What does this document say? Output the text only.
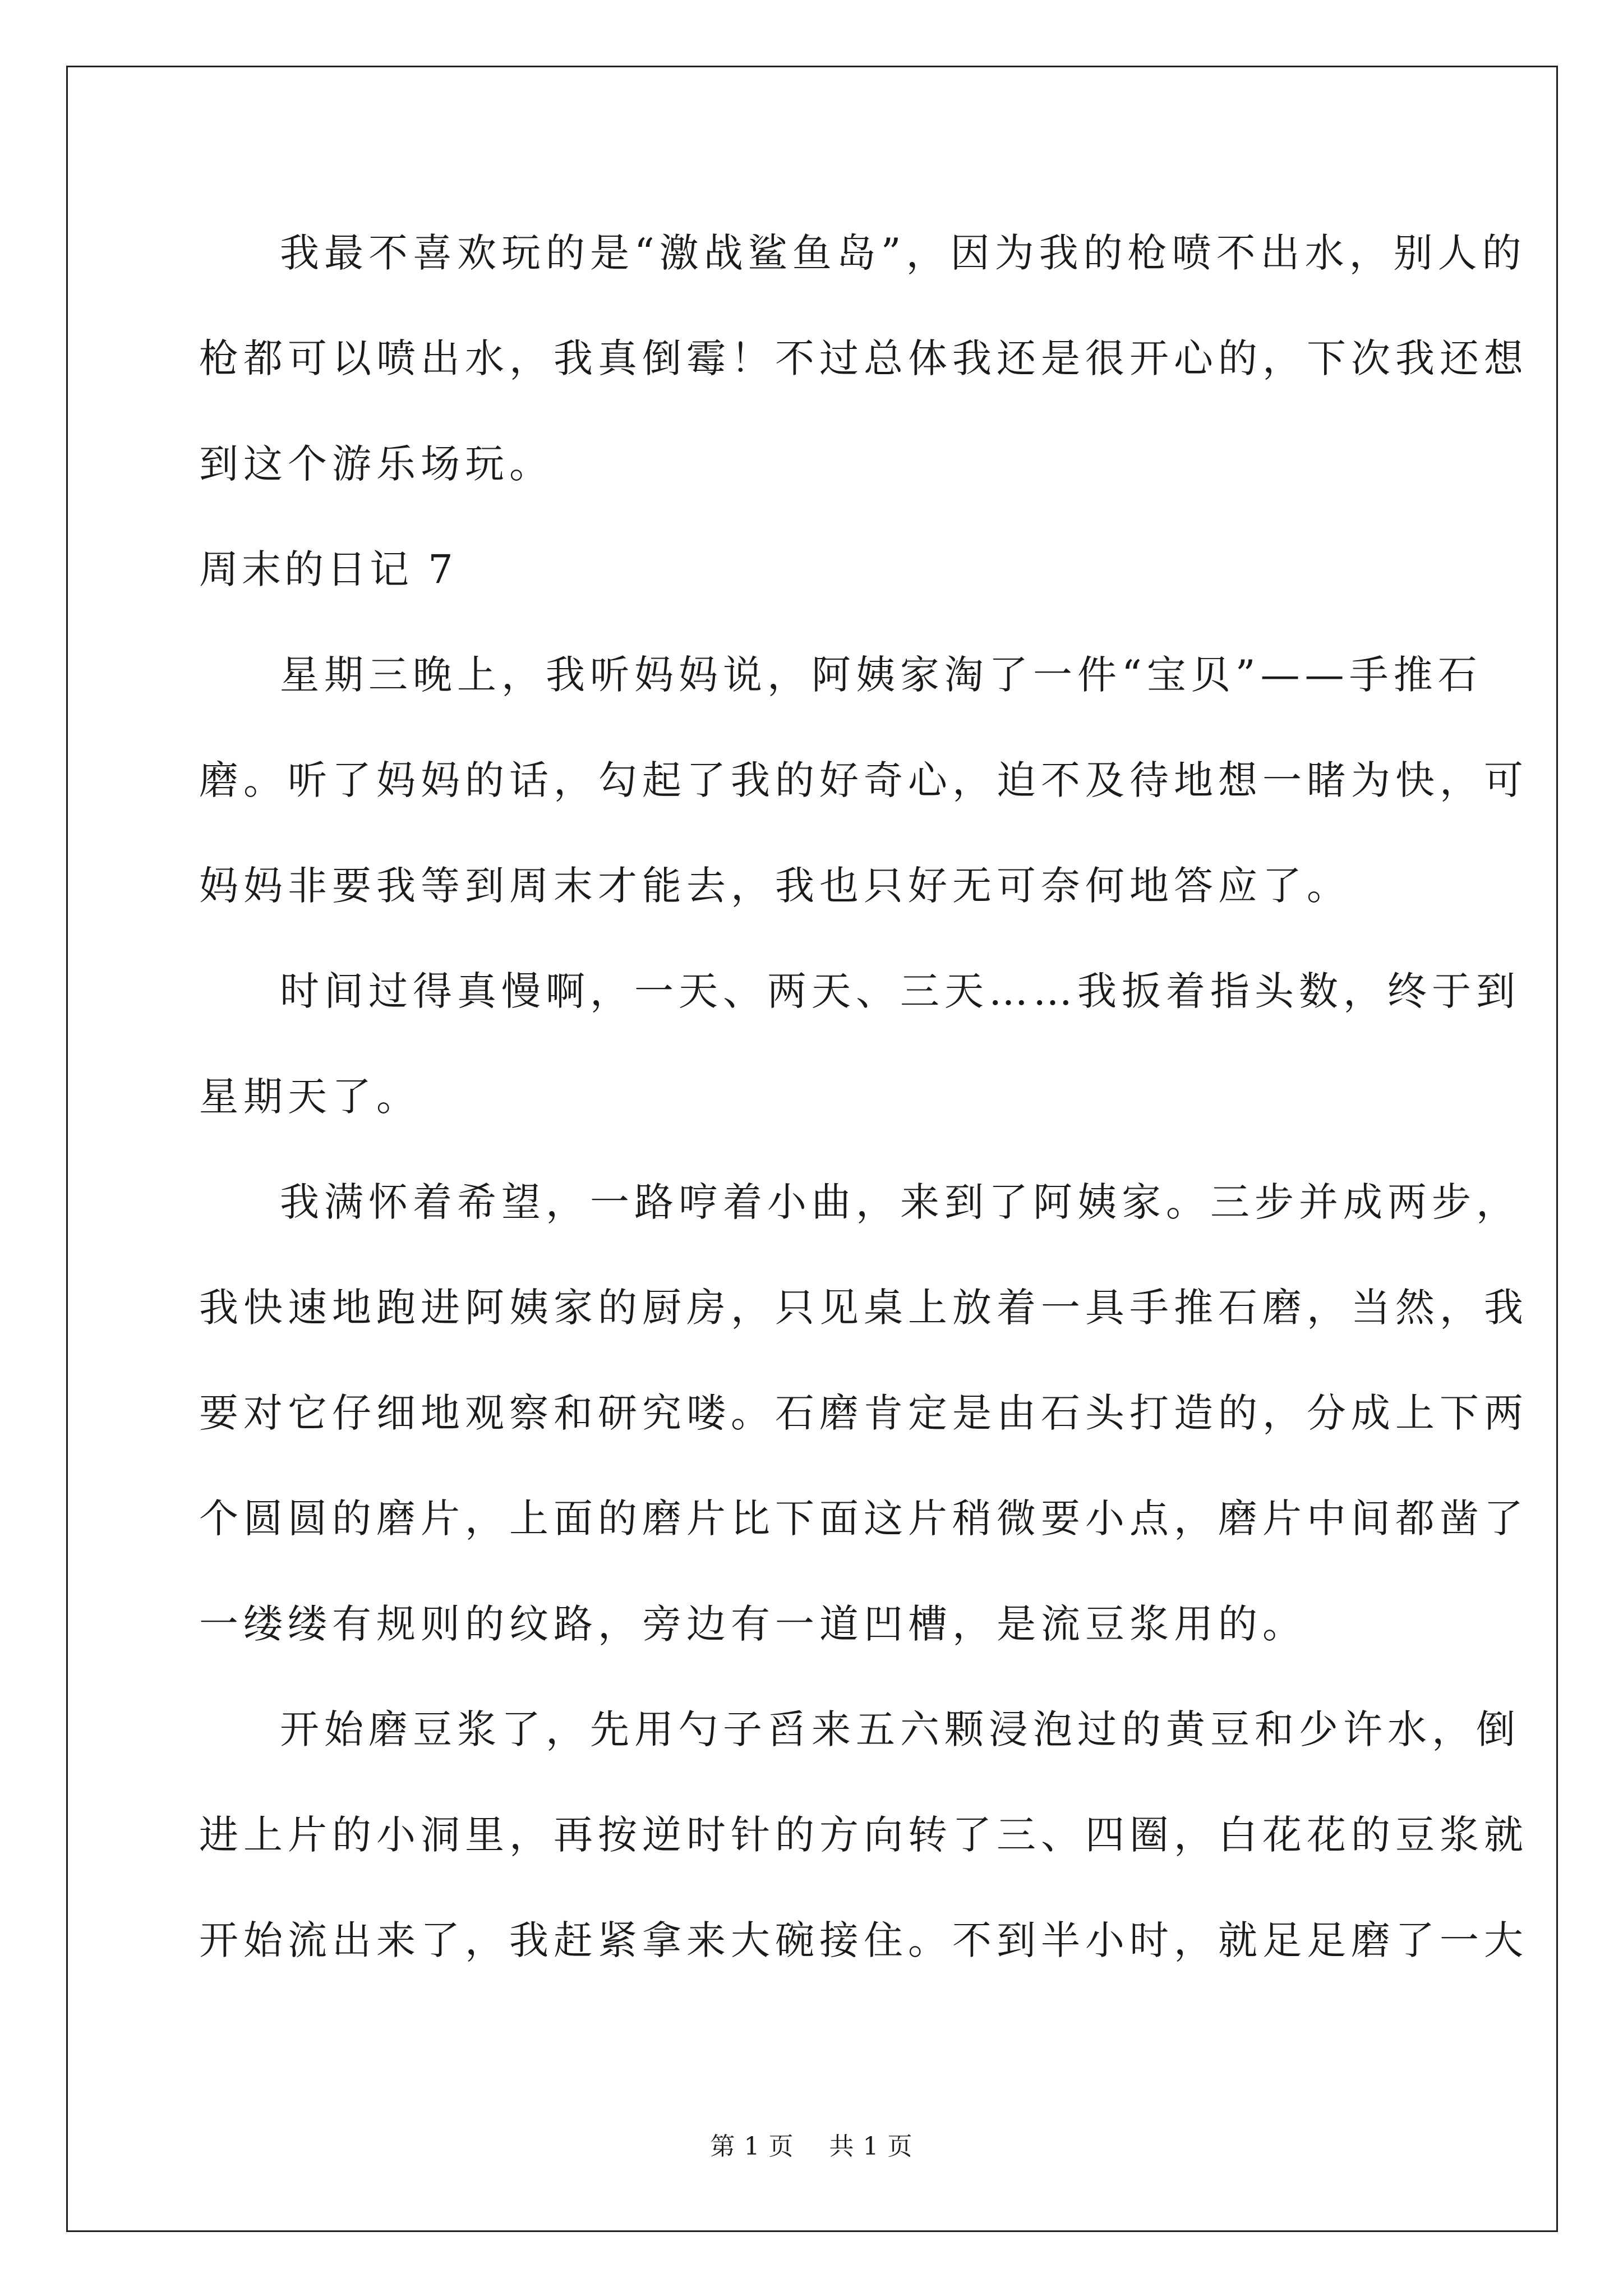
我最不喜欢玩的是“激战鲨鱼岛”，因为我的枪喷不出水，别人的
枪都可以喷出水，我真倒霉！不过总体我还是很开心的，下次我还想
到这个游乐场玩。
周末的日记 7
星期三晚上，我听妈妈说，阿姨家淘了一件“宝贝”——手推石
磨。听了妈妈的话，勾起了我的好奇心，迫不及待地想一睹为快，可
妈妈非要我等到周末才能去，我也只好无可奈何地答应了。
时间过得真慢啊，一天、两天、三天……我扳着指头数，终于到
星期天了。
我满怀着希望，一路哼着小曲，来到了阿姨家。三步并成两步，
我快速地跑进阿姨家的厨房，只见桌上放着一具手推石磨，当然，我
要对它仔细地观察和研究喽。石磨肯定是由石头打造的，分成上下两
个圆圆的磨片，上面的磨片比下面这片稍微要小点，磨片中间都凿了
一缕缕有规则的纹路，旁边有一道凹槽，是流豆浆用的。
开始磨豆浆了，先用勺子舀来五六颗浸泡过的黄豆和少许水，倒
进上片的小洞里，再按逆时针的方向转了三、四圈，白花花的豆浆就
开始流出来了，我赶紧拿来大碗接住。不到半小时，就足足磨了一大
第 1 页 共 1 页
